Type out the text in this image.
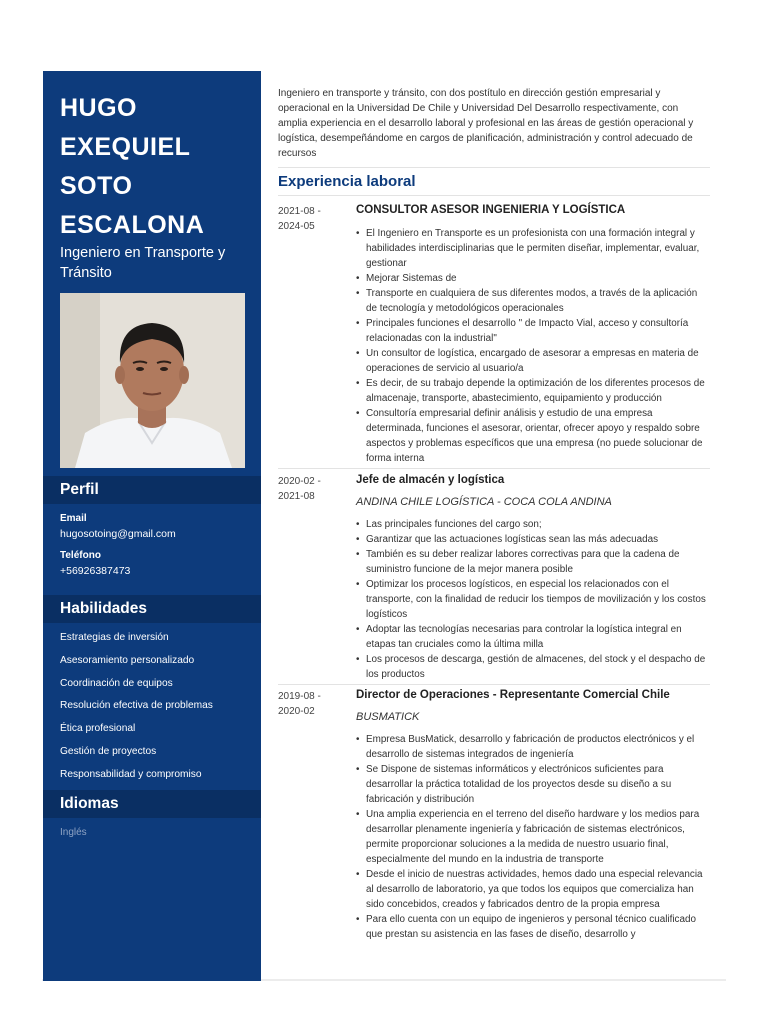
HUGO
EXEQUIEL
SOTO
ESCALONA
Ingeniero en Transporte y Tránsito
Perfil
Email
hugosotoing@gmail.com
Teléfono
+56926387473
Habilidades
Estrategias de inversión
Asesoramiento personalizado
Coordinación de equipos
Resolución efectiva de problemas
Ética profesional
Gestión de proyectos
Responsabilidad y compromiso
Idiomas
Inglés

Ingeniero en transporte y tránsito, con dos postítulo en dirección gestión empresarial y operacional en la Universidad De Chile y Universidad Del Desarrollo respectivamente, con amplia experiencia en el desarrollo laboral y profesional en las áreas de gestión operacional y logística, desempeñándome en cargos de planificación, administración y control adecuado de recursos

Experiencia laboral
2021-08 - 2024-05
CONSULTOR ASESOR INGENIERIA Y LOGÍSTICA
• El Ingeniero en Transporte es un profesionista con una formación integral y habilidades interdisciplinarias que le permiten diseñar, implementar, evaluar, gestionar
• Mejorar Sistemas de
• Transporte en cualquiera de sus diferentes modos, a través de la aplicación de tecnología y metodológicos operacionales
• Principales funciones el desarrollo " de Impacto Vial, acceso y consultoría relacionadas con la industrial"
• Un consultor de logística, encargado de asesorar a empresas en materia de operaciones de servicio al usuario/a
• Es decir, de su trabajo depende la optimización de los diferentes procesos de almacenaje, transporte, abastecimiento, equipamiento y producción
• Consultoría empresarial definir análisis y estudio de una empresa determinada, funciones el asesorar, orientar, ofrecer apoyo y respaldo sobre aspectos y problemas específicos que una empresa (no puede solucionar de forma interna
2020-02 - 2021-08
Jefe de almacén y logística
ANDINA CHILE LOGÍSTICA - COCA COLA ANDINA
• Las principales funciones del cargo son;
• Garantizar que las actuaciones logísticas sean las más adecuadas
• También es su deber realizar labores correctivas para que la cadena de suministro funcione de la mejor manera posible
• Optimizar los procesos logísticos, en especial los relacionados con el transporte, con la finalidad de reducir los tiempos de movilización y los costos logísticos
• Adoptar las tecnologías necesarias para controlar la logística integral en etapas tan cruciales como la última milla
• Los procesos de descarga, gestión de almacenes, del stock y el despacho de los productos
2019-08 - 2020-02
Director de Operaciones - Representante Comercial Chile
BUSMATICK
• Empresa BusMatick, desarrollo y fabricación de productos electrónicos y el desarrollo de sistemas integrados de ingeniería
• Se Dispone de sistemas informáticos y electrónicos suficientes para desarrollar la práctica totalidad de los proyectos desde su diseño a su fabricación y distribución
• Una amplia experiencia en el terreno del diseño hardware y los medios para desarrollar plenamente ingeniería y fabricación de sistemas electrónicos, permite proporcionar soluciones a la medida de nuestro usuario final, especialmente del mundo en la industria de transporte
• Desde el inicio de nuestras actividades, hemos dado una especial relevancia al desarrollo de laboratorio, ya que todos los equipos que comercializa han sido concebidos, creados y fabricados dentro de la propia empresa
• Para ello cuenta con un equipo de ingenieros y personal técnico cualificado que prestan su asistencia en las fases de diseño, desarrollo y
